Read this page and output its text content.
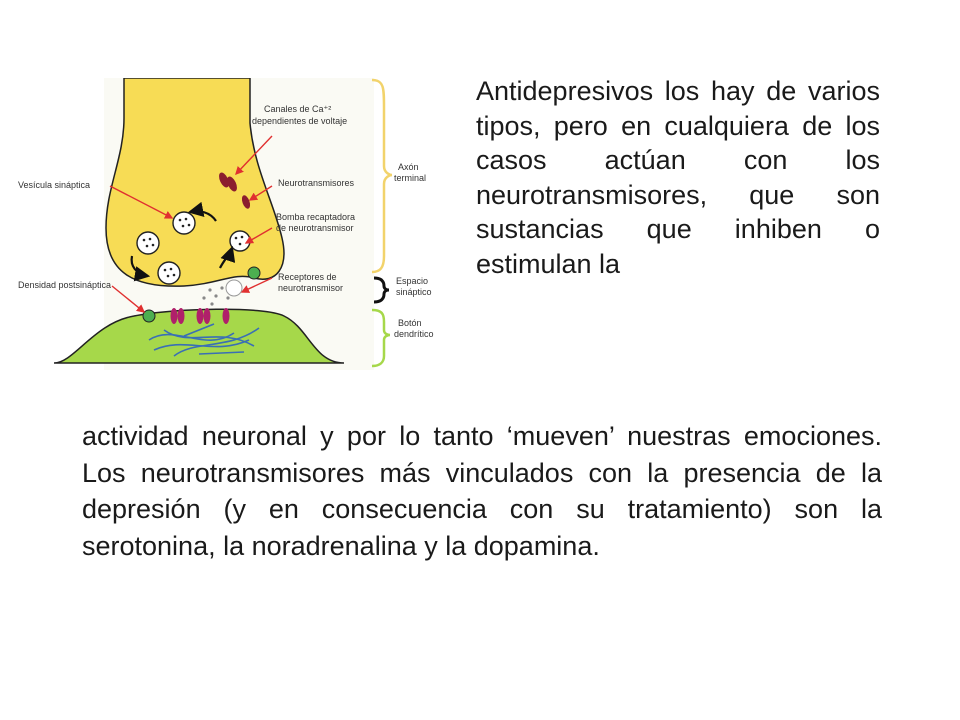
Canales de Ca⁺²
dependientes de voltaje
Vesícula sináptica	Neurotransmisores
Bomba recaptadora
de neurotransmisor
Axón
terminal
Receptores de
neurotransmisor
Espacio
sináptico
Densidad postsináptica
Botón
dendrítico

Antidepresivos los hay de varios tipos, pero en cualquiera de los casos actúan con los neurotransmisores, que son sustancias que inhiben o estimulan la

actividad neuronal y por lo tanto ‘mueven’ nuestras emociones. Los neurotransmisores más vinculados con la presencia de la depresión (y en consecuencia con su tratamiento) son la serotonina, la noradrenalina y la dopamina.
